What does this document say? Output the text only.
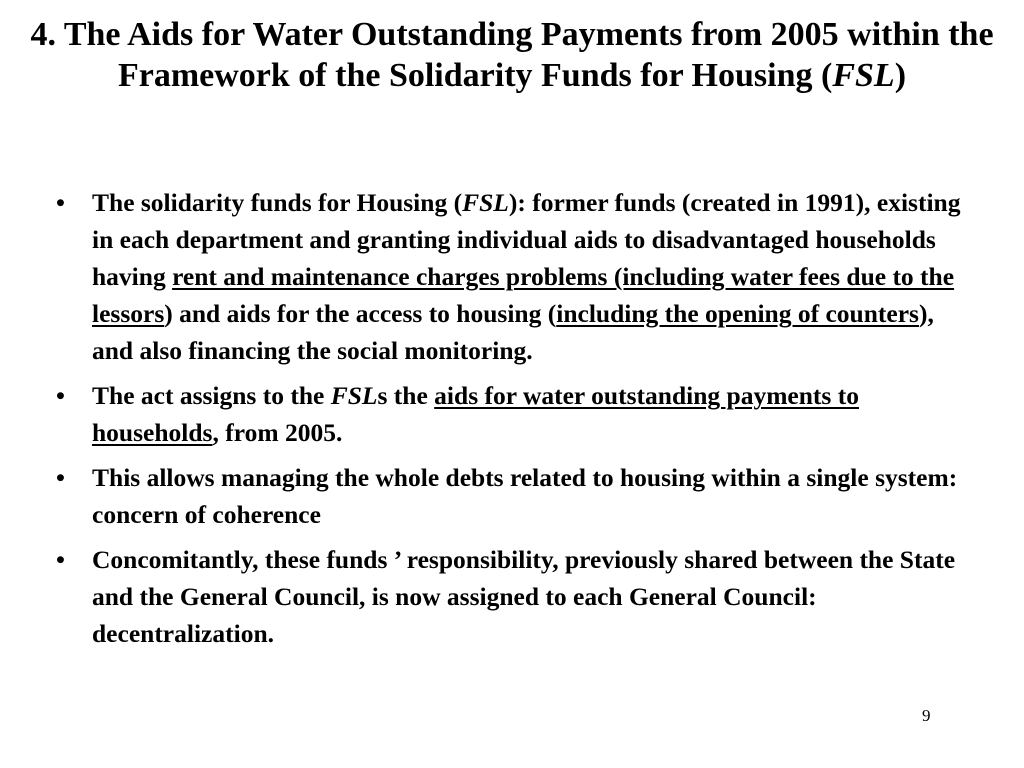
4. The Aids for Water Outstanding Payments from 2005 within the Framework of the Solidarity Funds for Housing (FSL)
• The solidarity funds for Housing (FSL): former funds (created in 1991), existing in each department and granting individual aids to disadvantaged households having rent and maintenance charges problems (including water fees due to the lessors) and aids for the access to housing (including the opening of counters), and also financing the social monitoring.
• The act assigns to the FSLs the aids for water outstanding payments to households, from 2005.
• This allows managing the whole debts related to housing within a single system: concern of coherence
• Concomitantly, these funds ’ responsibility, previously shared between the State and the General Council, is now assigned to each General Council: decentralization.
9
